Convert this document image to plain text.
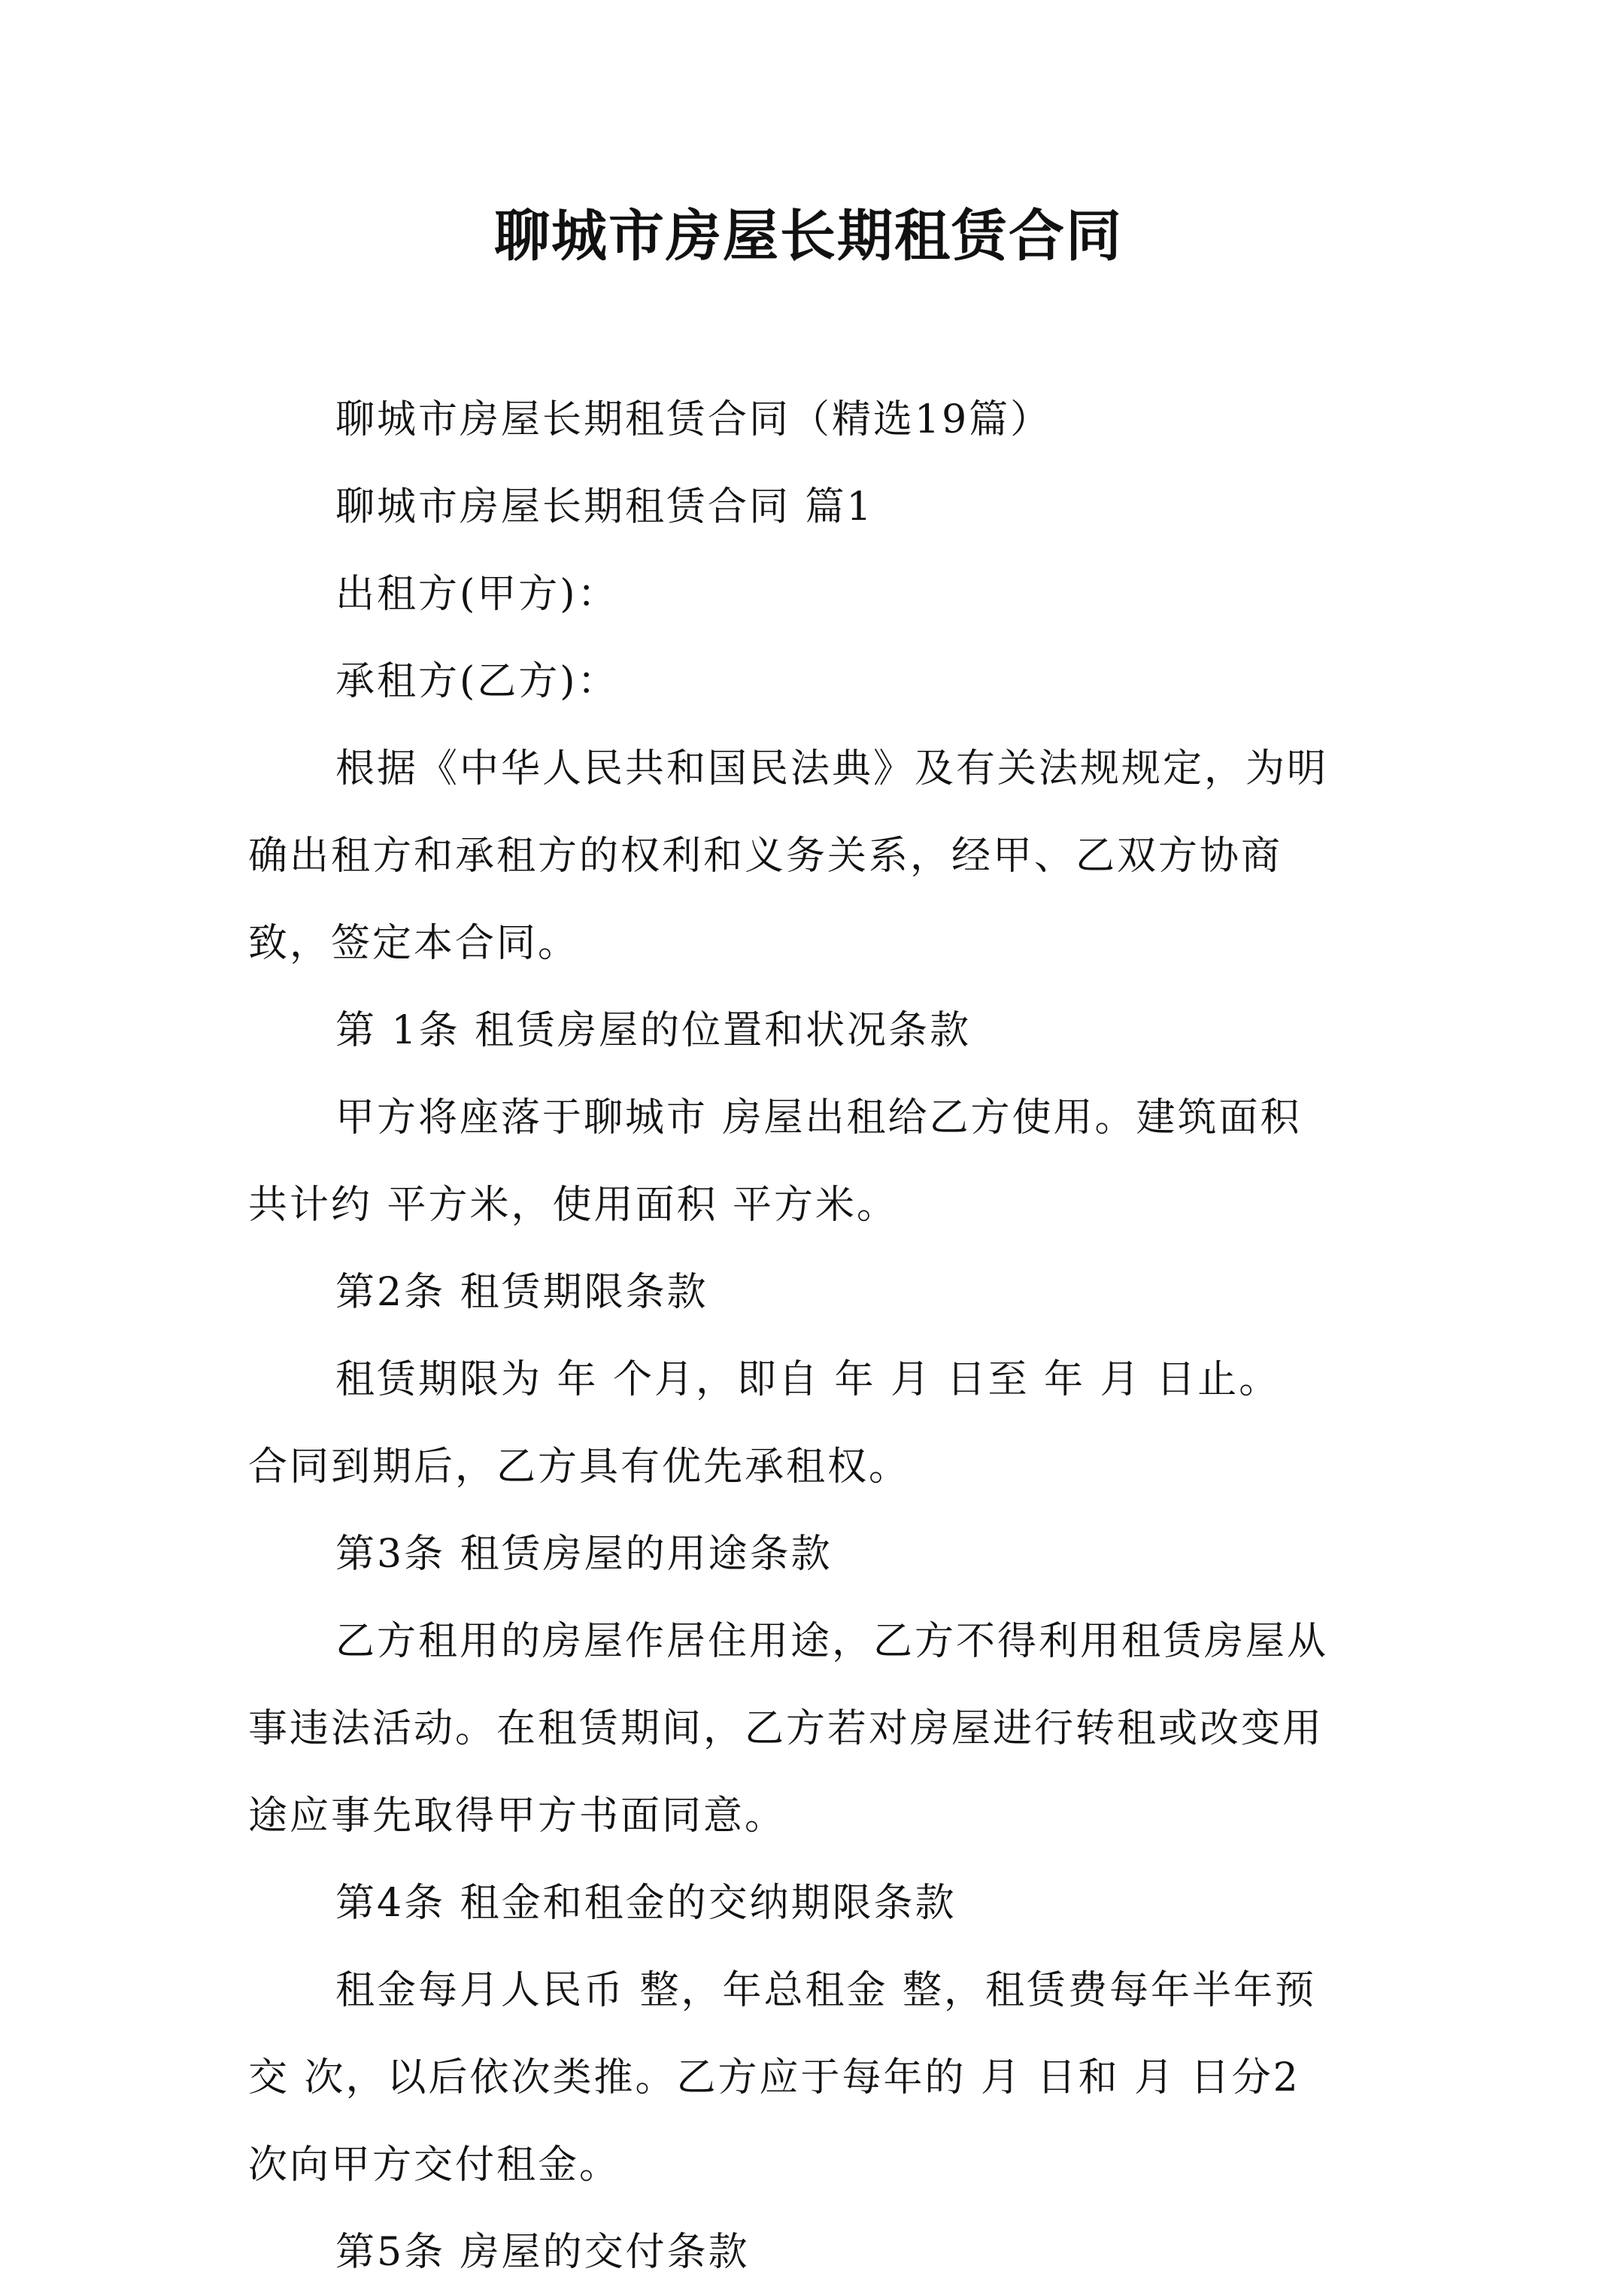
聊城市房屋长期租赁合同
聊城市房屋长期租赁合同（精选19篇）
聊城市房屋长期租赁合同 篇1
出租方(甲方)：
承租方(乙方)：
根据《中华人民共和国民法典》及有关法规规定，为明
确出租方和承租方的权利和义务关系，经甲、乙双方协商
致，签定本合同。
第 1条 租赁房屋的位置和状况条款
甲方将座落于聊城市 房屋出租给乙方使用。建筑面积
共计约 平方米，使用面积 平方米。
第2条 租赁期限条款
租赁期限为 年 个月，即自 年 月 日至 年 月 日止。
合同到期后，乙方具有优先承租权。
第3条 租赁房屋的用途条款
乙方租用的房屋作居住用途，乙方不得利用租赁房屋从
事违法活动。在租赁期间，乙方若对房屋进行转租或改变用
途应事先取得甲方书面同意。
第4条 租金和租金的交纳期限条款
租金每月人民币 整，年总租金 整，租赁费每年半年预
交 次，以后依次类推。乙方应于每年的 月 日和 月 日分2
次向甲方交付租金。
第5条 房屋的交付条款
